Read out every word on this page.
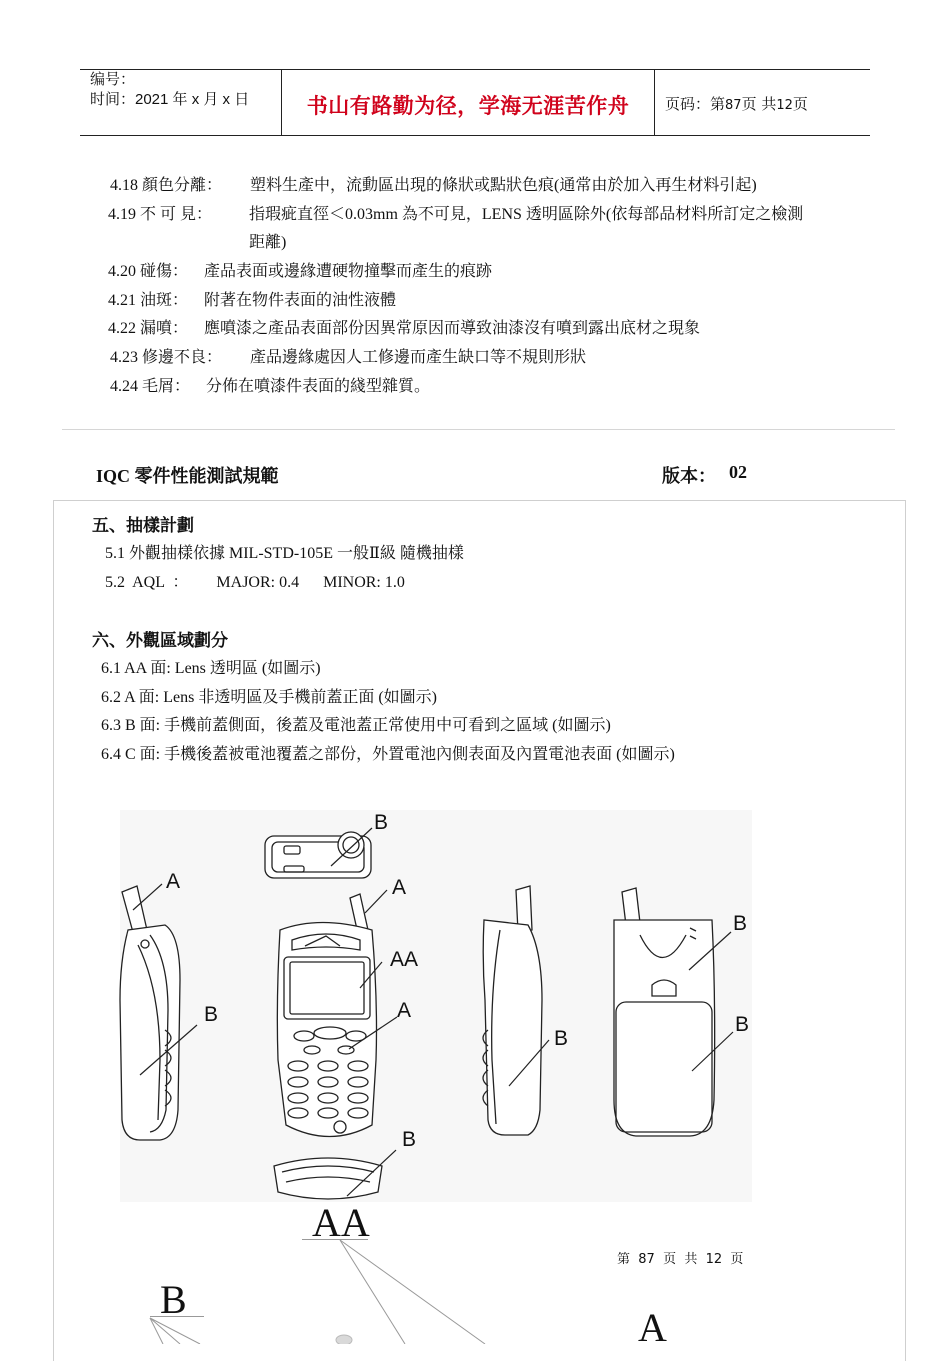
编号：
时间：2021 年 x 月 x 日	书山有路勤为径，学海无涯苦作舟	页码：第87页 共12页
4.18 顏色分離： 塑料生產中，流動區出現的條狀或點狀色痕(通常由於加入再生材料引起)
4.19 不 可 見： 指瑕疵直徑＜0.03mm 為不可見，LENS 透明區除外(依每部品材料所訂定之檢測
距離)
4.20 碰傷： 產品表面或邊緣遭硬物撞擊而產生的痕跡
4.21 油斑： 附著在物件表面的油性液體
4.22 漏噴： 應噴漆之產品表面部份因異常原因而導致油漆沒有噴到露出底材之現象
4.23 修邊不良： 產品邊緣處因人工修邊而產生缺口等不規則形狀
4.24 毛屑： 分佈在噴漆件表面的綫型雜質。
IQC 零件性能測試規範	版本： 02
五、抽樣計劃
5.1 外觀抽樣依據 MIL-STD-105E 一般Ⅱ級 隨機抽樣
5.2  AQL  ：       MAJOR: 0.4      MINOR: 1.0
六、外觀區域劃分
6.1 AA 面: Lens 透明區 (如圖示)
6.2 A 面: Lens 非透明區及手機前蓋正面 (如圖示)
6.3 B 面: 手機前蓋側面，後蓋及電池蓋正常使用中可看到之區域 (如圖示)
6.4 C 面: 手機後蓋被電池覆蓋之部份，外置電池內側表面及內置電池表面 (如圖示)
B
A	A
AA
A
B
B
B
B
B
AA
第  87  页  共  12  页
B
A
